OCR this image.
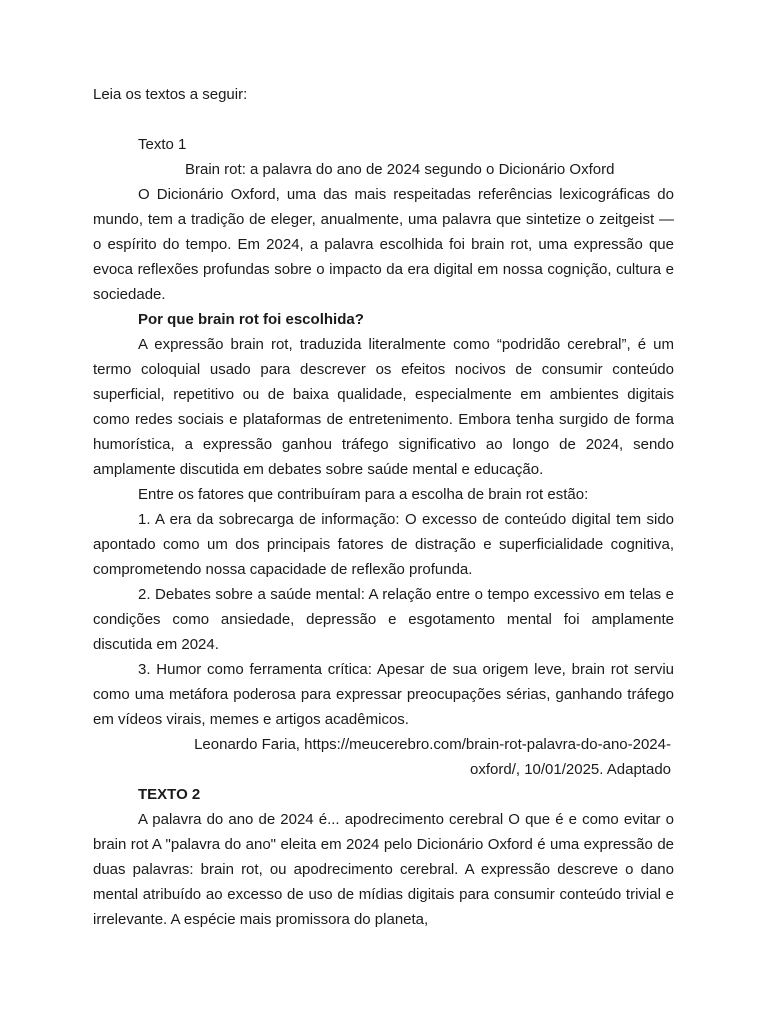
Leia os textos a seguir:

Texto 1

Brain rot: a palavra do ano de 2024 segundo o Dicionário Oxford

O Dicionário Oxford, uma das mais respeitadas referências lexicográficas do mundo, tem a tradição de eleger, anualmente, uma palavra que sintetize o zeitgeist — o espírito do tempo. Em 2024, a palavra escolhida foi brain rot, uma expressão que evoca reflexões profundas sobre o impacto da era digital em nossa cognição, cultura e sociedade.

Por que brain rot foi escolhida?

A expressão brain rot, traduzida literalmente como “podridão cerebral”, é um termo coloquial usado para descrever os efeitos nocivos de consumir conteúdo superficial, repetitivo ou de baixa qualidade, especialmente em ambientes digitais como redes sociais e plataformas de entretenimento. Embora tenha surgido de forma humorística, a expressão ganhou tráfego significativo ao longo de 2024, sendo amplamente discutida em debates sobre saúde mental e educação.

Entre os fatores que contribuíram para a escolha de brain rot estão:

1. A era da sobrecarga de informação: O excesso de conteúdo digital tem sido apontado como um dos principais fatores de distração e superficialidade cognitiva, comprometendo nossa capacidade de reflexão profunda.

2. Debates sobre a saúde mental: A relação entre o tempo excessivo em telas e condições como ansiedade, depressão e esgotamento mental foi amplamente discutida em 2024.

3. Humor como ferramenta crítica: Apesar de sua origem leve, brain rot serviu como uma metáfora poderosa para expressar preocupações sérias, ganhando tráfego em vídeos virais, memes e artigos acadêmicos.

Leonardo Faria, https://meucerebro.com/brain-rot-palavra-do-ano-2024-

oxford/, 10/01/2025. Adaptado

TEXTO 2

A palavra do ano de 2024 é... apodrecimento cerebral O que é e como evitar o brain rot A "palavra do ano" eleita em 2024 pelo Dicionário Oxford é uma expressão de duas palavras: brain rot, ou apodrecimento cerebral. A expressão descreve o dano mental atribuído ao excesso de uso de mídias digitais para consumir conteúdo trivial e irrelevante. A espécie mais promissora do planeta,
